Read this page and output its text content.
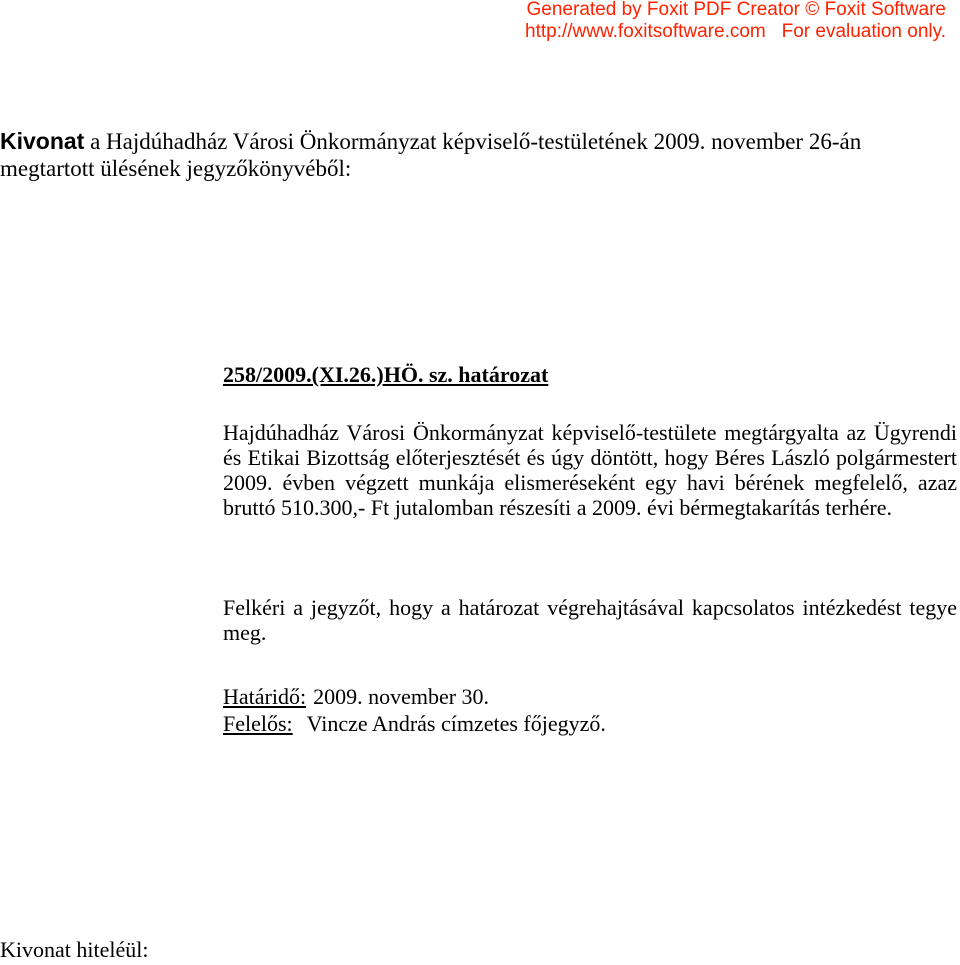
Generated by Foxit PDF Creator © Foxit Software
http://www.foxitsoftware.com For evaluation only.
Kivonat a Hajdúhadház Városi Önkormányzat képviselő-testületének 2009. november 26-án megtartott ülésének jegyzőkönyvéből:
258/2009.(XI.26.)HÖ. sz. határozat
Hajdúhadház Városi Önkormányzat képviselő-testülete megtárgyalta az Ügyrendi és Etikai Bizottság előterjesztését és úgy döntött, hogy Béres László polgármestert 2009. évben végzett munkája elismeréseként egy havi bérének megfelelő, azaz bruttó 510.300,- Ft jutalomban részesíti a 2009. évi bérmegtakarítás terhére.
Felkéri a jegyzőt, hogy a határozat végrehajtásával kapcsolatos intézkedést tegye meg.
Határidő: 2009. november 30.
Felelős: Vincze András címzetes főjegyző.
Kivonat hiteléül:
